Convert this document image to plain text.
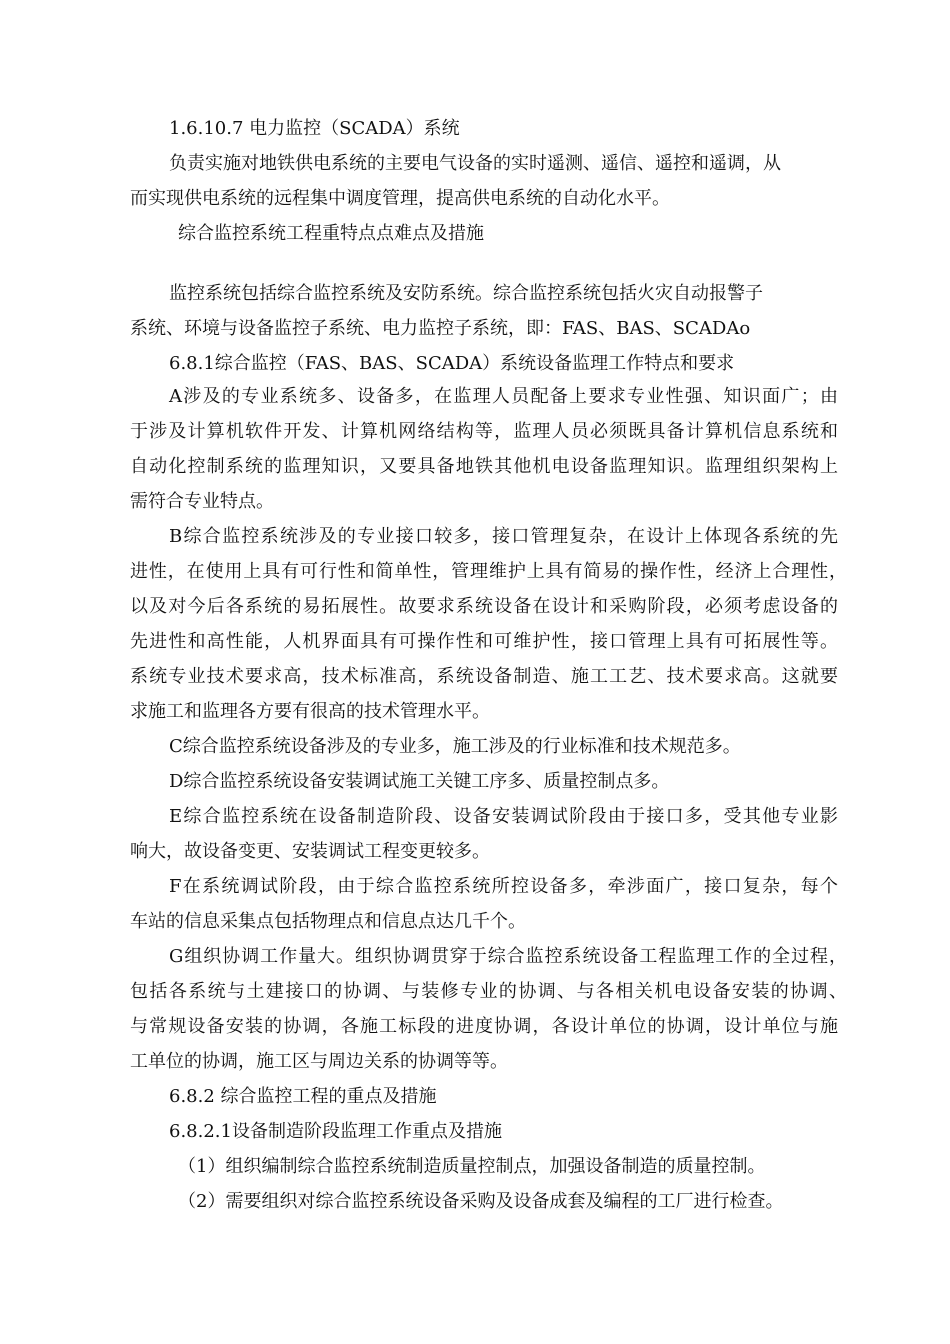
1.6.10.7 电力监控（SCADA）系统
负责实施对地铁供电系统的主要电气设备的实时遥测、遥信、遥控和遥调，从
而实现供电系统的远程集中调度管理，提高供电系统的自动化水平。
综合监控系统工程重特点点难点及措施
监控系统包括综合监控系统及安防系统。综合监控系统包括火灾自动报警子
系统、环境与设备监控子系统、电力监控子系统，即：FAS、BAS、SCADAo
6.8.1综合监控（FAS、BAS、SCADA）系统设备监理工作特点和要求
A涉及的专业系统多、设备多，在监理人员配备上要求专业性强、知识面广；由
于涉及计算机软件开发、计算机网络结构等，监理人员必须既具备计算机信息系统和
自动化控制系统的监理知识，又要具备地铁其他机电设备监理知识。监理组织架构上
需符合专业特点。
B综合监控系统涉及的专业接口较多，接口管理复杂，在设计上体现各系统的先
进性，在使用上具有可行性和简单性，管理维护上具有简易的操作性，经济上合理性，
以及对今后各系统的易拓展性。故要求系统设备在设计和采购阶段，必须考虑设备的
先进性和高性能，人机界面具有可操作性和可维护性，接口管理上具有可拓展性等。
系统专业技术要求高，技术标准高，系统设备制造、施工工艺、技术要求高。这就要
求施工和监理各方要有很高的技术管理水平。
C综合监控系统设备涉及的专业多，施工涉及的行业标准和技术规范多。
D综合监控系统设备安装调试施工关键工序多、质量控制点多。
E综合监控系统在设备制造阶段、设备安装调试阶段由于接口多，受其他专业影
响大，故设备变更、安装调试工程变更较多。
F在系统调试阶段，由于综合监控系统所控设备多，牵涉面广，接口复杂，每个
车站的信息采集点包括物理点和信息点达几千个。
G组织协调工作量大。组织协调贯穿于综合监控系统设备工程监理工作的全过程，
包括各系统与土建接口的协调、与装修专业的协调、与各相关机电设备安装的协调、
与常规设备安装的协调，各施工标段的进度协调，各设计单位的协调，设计单位与施
工单位的协调，施工区与周边关系的协调等等。
6.8.2 综合监控工程的重点及措施
6.8.2.1设备制造阶段监理工作重点及措施
（1）组织编制综合监控系统制造质量控制点，加强设备制造的质量控制。
（2）需要组织对综合监控系统设备采购及设备成套及编程的工厂进行检查。
